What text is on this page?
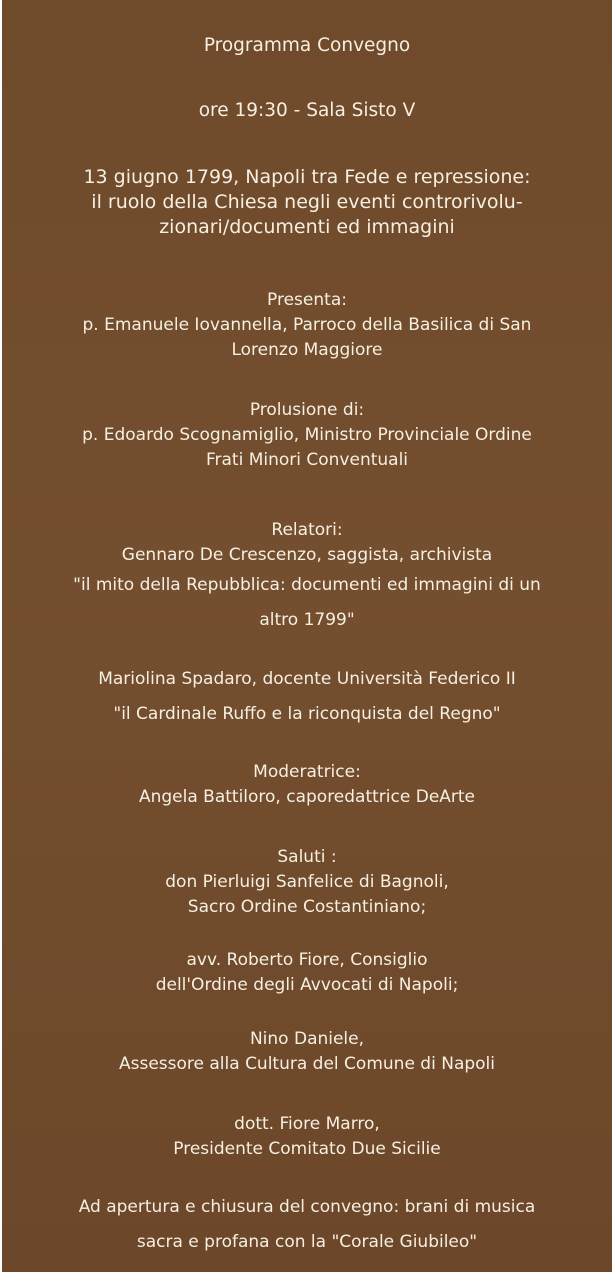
Programma Convegno
ore 19:30 - Sala Sisto V
13 giugno 1799, Napoli tra Fede e repressione:
il ruolo della Chiesa negli eventi controrivolu-
zionari/documenti ed immagini
Presenta:
p. Emanuele Iovannella, Parroco della Basilica di San
Lorenzo Maggiore
Prolusione di:
p. Edoardo Scognamiglio, Ministro Provinciale Ordine
Frati Minori Conventuali
Relatori:
Gennaro De Crescenzo, saggista, archivista
"il mito della Repubblica: documenti ed immagini di un
altro 1799"
Mariolina Spadaro, docente Università Federico II
"il Cardinale Ruffo e la riconquista del Regno"
Moderatrice:
Angela Battiloro, caporedattrice DeArte
Saluti :
don Pierluigi Sanfelice di Bagnoli,
Sacro Ordine Costantiniano;
avv. Roberto Fiore, Consiglio
dell'Ordine degli Avvocati di Napoli;
Nino Daniele,
Assessore alla Cultura del Comune di Napoli
dott. Fiore Marro,
Presidente Comitato Due Sicilie
Ad apertura e chiusura del convegno: brani di musica
sacra e profana con la "Corale Giubileo"
